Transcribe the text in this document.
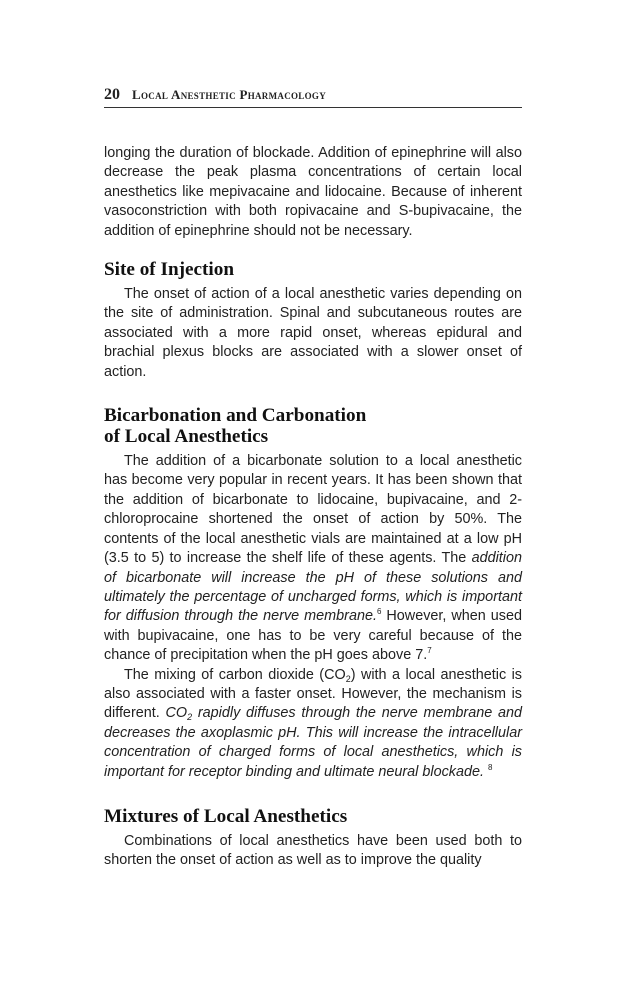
20 Local Anesthetic Pharmacology

longing the duration of blockade. Addition of epinephrine will also decrease the peak plasma concentrations of certain local anesthetics like mepivacaine and lidocaine. Because of inherent vasoconstriction with both ropivacaine and S-bupivacaine, the addition of epinephrine should not be necessary.

Site of Injection

The onset of action of a local anesthetic varies depending on the site of administration. Spinal and subcutaneous routes are associated with a more rapid onset, whereas epidural and brachial plexus blocks are associated with a slower onset of action.

Bicarbonation and Carbonation
of Local Anesthetics

The addition of a bicarbonate solution to a local anesthetic has become very popular in recent years. It has been shown that the addition of bicarbonate to lidocaine, bupivacaine, and 2-chloroprocaine shortened the onset of action by 50%. The contents of the local anesthetic vials are maintained at a low pH (3.5 to 5) to increase the shelf life of these agents. The addition of bicarbonate will increase the pH of these solutions and ultimately the percentage of uncharged forms, which is important for diffusion through the nerve membrane.$^6$ However, when used with bupivacaine, one has to be very careful because of the chance of precipitation when the pH goes above 7.$^7$

The mixing of carbon dioxide $(CO_2)$ with a local anesthetic is also associated with a faster onset. However, the mechanism is different. $CO_2$ rapidly diffuses through the nerve membrane and decreases the axoplasmic pH. This will increase the intracellular concentration of charged forms of local anesthetics, which is important for receptor binding and ultimate neural blockade. $^8$

Mixtures of Local Anesthetics

Combinations of local anesthetics have been used both to shorten the onset of action as well as to improve the quality
